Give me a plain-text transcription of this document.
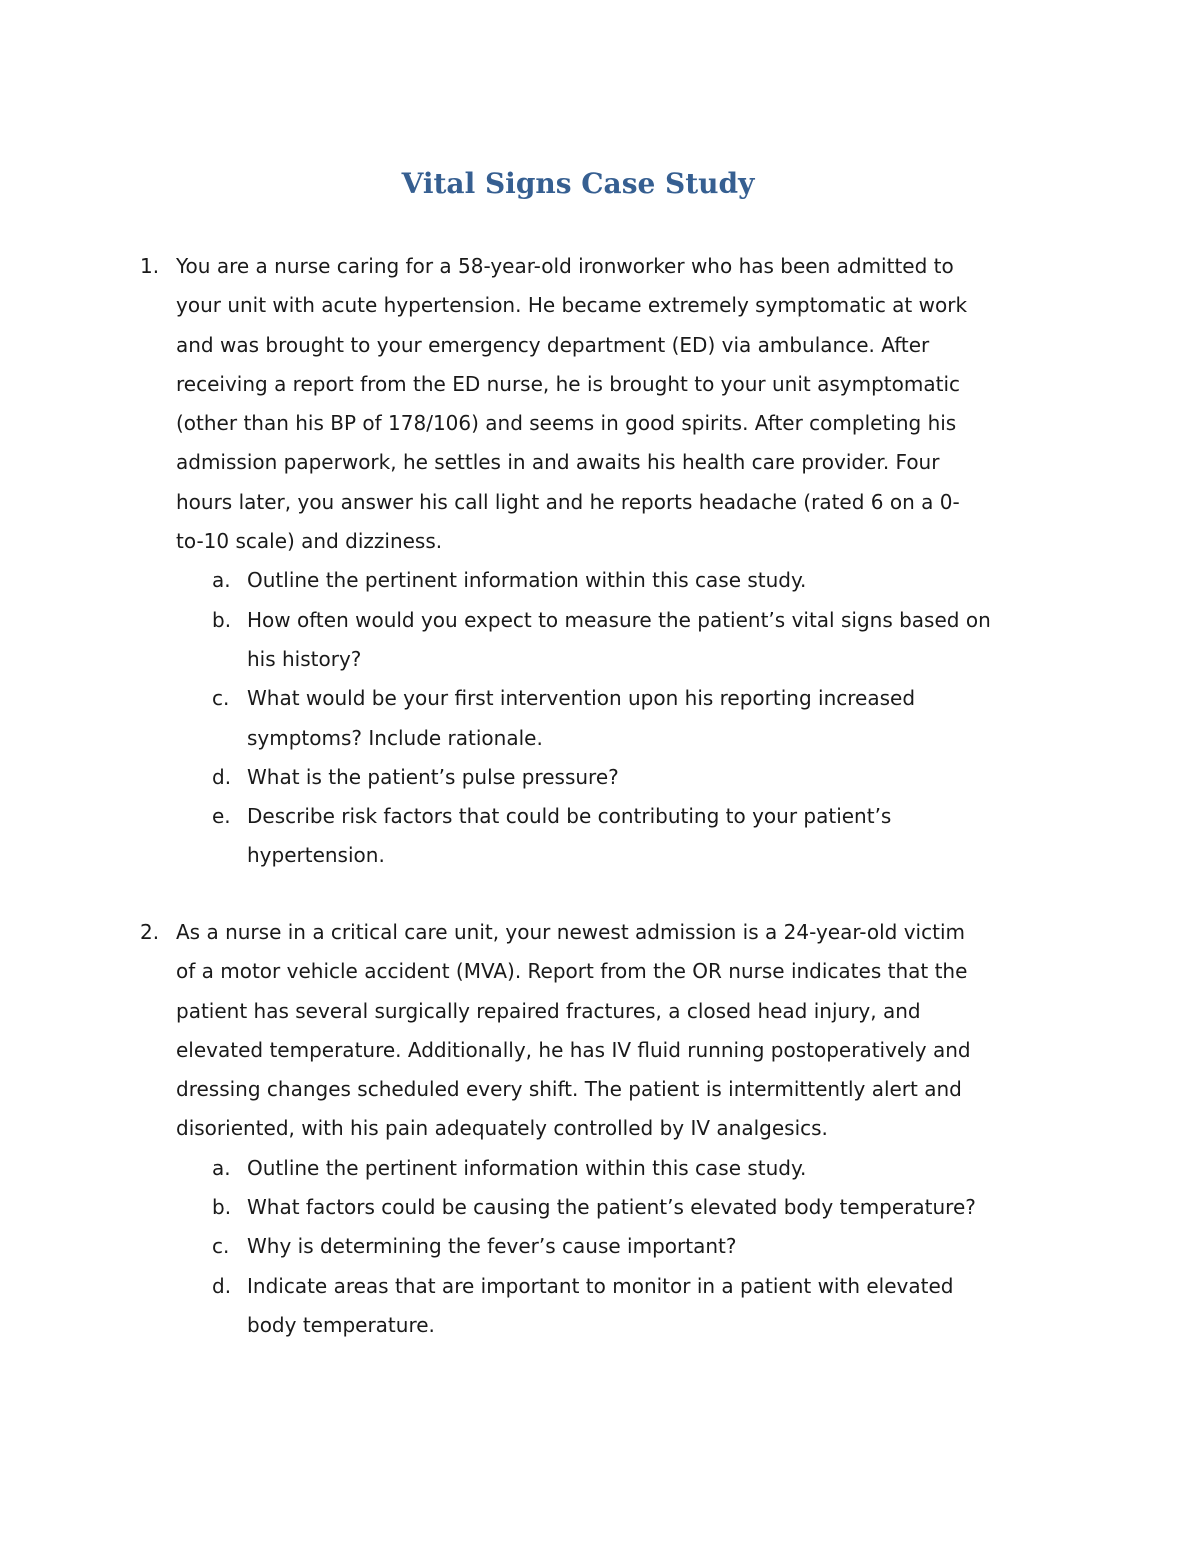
Vital Signs Case Study
1. You are a nurse caring for a 58-year-old ironworker who has been admitted to
your unit with acute hypertension. He became extremely symptomatic at work
and was brought to your emergency department (ED) via ambulance. After
receiving a report from the ED nurse, he is brought to your unit asymptomatic
(other than his BP of 178/106) and seems in good spirits. After completing his
admission paperwork, he settles in and awaits his health care provider. Four
hours later, you answer his call light and he reports headache (rated 6 on a 0-
to-10 scale) and dizziness.
a. Outline the pertinent information within this case study.
b. How often would you expect to measure the patient’s vital signs based on
his history?
c. What would be your first intervention upon his reporting increased
symptoms? Include rationale.
d. What is the patient’s pulse pressure?
e. Describe risk factors that could be contributing to your patient’s
hypertension.
2. As a nurse in a critical care unit, your newest admission is a 24-year-old victim
of a motor vehicle accident (MVA). Report from the OR nurse indicates that the
patient has several surgically repaired fractures, a closed head injury, and
elevated temperature. Additionally, he has IV fluid running postoperatively and
dressing changes scheduled every shift. The patient is intermittently alert and
disoriented, with his pain adequately controlled by IV analgesics.
a. Outline the pertinent information within this case study.
b. What factors could be causing the patient’s elevated body temperature?
c. Why is determining the fever’s cause important?
d. Indicate areas that are important to monitor in a patient with elevated
body temperature.
